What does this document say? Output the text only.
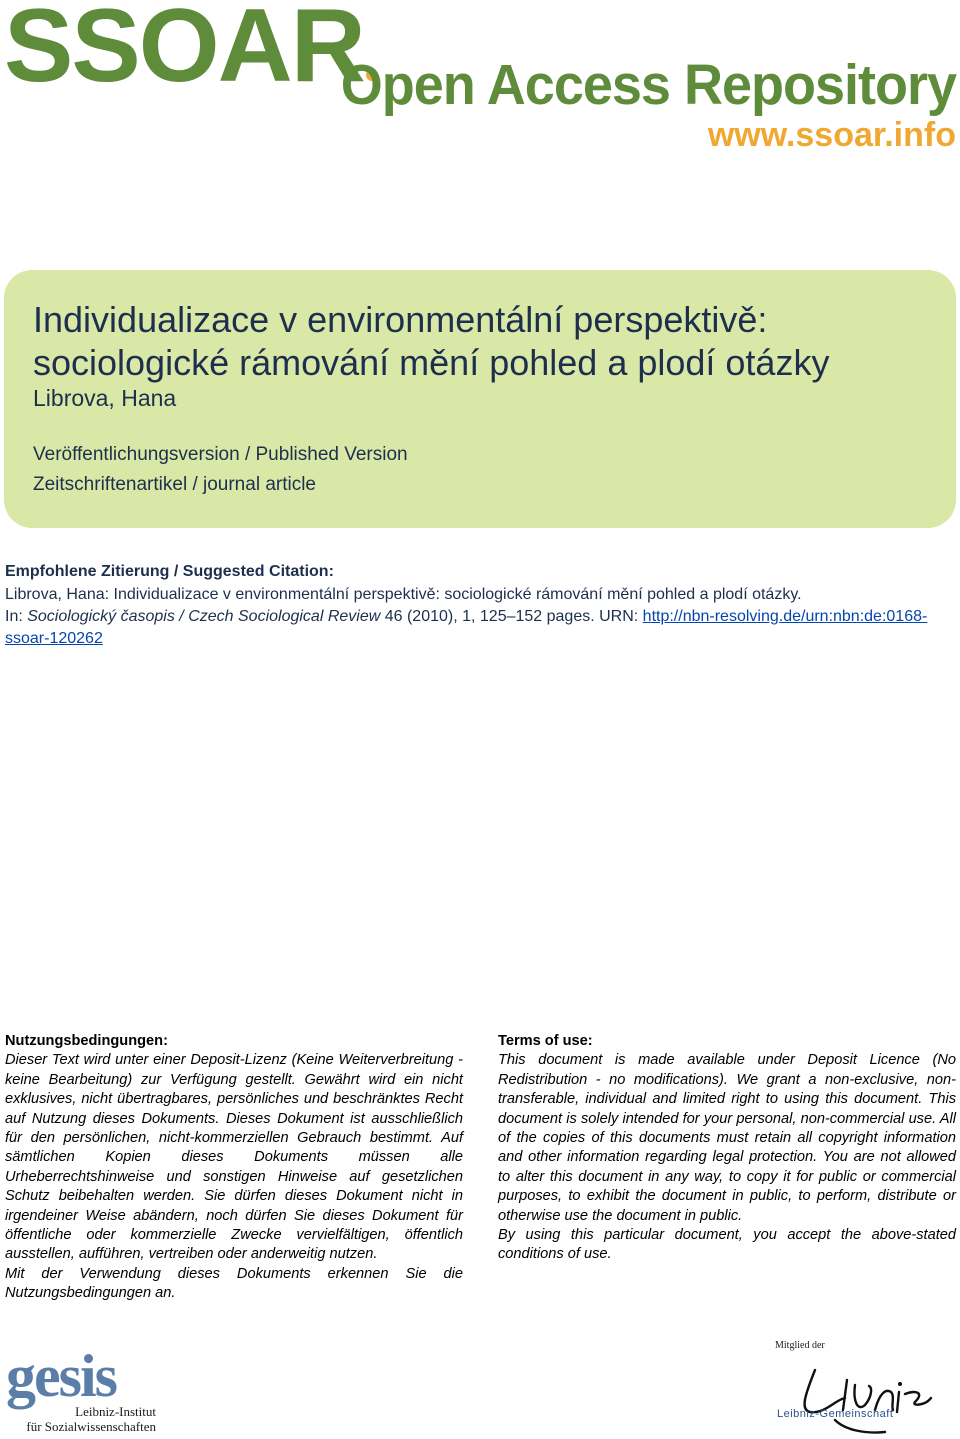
SSOAR
Open Access Repository
www.ssoar.info
Individualizace v environmentální perspektivě:
sociologické rámování mění pohled a plodí otázky
Librova, Hana
Veröffentlichungsversion / Published Version
Zeitschriftenartikel / journal article
Empfohlene Zitierung / Suggested Citation:
Librova, Hana: Individualizace v environmentální perspektivě: sociologické rámování mění pohled a plodí otázky.
In: Sociologický časopis / Czech Sociological Review 46 (2010), 1, 125–152 pages. URN: http://nbn-resolving.de/urn:nbn:de:0168-ssoar-120262
Nutzungsbedingungen:

Dieser Text wird unter einer Deposit-Lizenz (Keine Weiterverbreitung - keine Bearbeitung) zur Verfügung gestellt. Gewährt wird ein nicht exklusives, nicht übertragbares, persönliches und beschränktes Recht auf Nutzung dieses Dokuments. Dieses Dokument ist ausschließlich für den persönlichen, nicht-kommerziellen Gebrauch bestimmt. Auf sämtlichen Kopien dieses Dokuments müssen alle Urheberrechtshinweise und sonstigen Hinweise auf gesetzlichen Schutz beibehalten werden. Sie dürfen dieses Dokument nicht in irgendeiner Weise abändern, noch dürfen Sie dieses Dokument für öffentliche oder kommerzielle Zwecke vervielfältigen, öffentlich ausstellen, aufführen, vertreiben oder anderweitig nutzen.

Mit der Verwendung dieses Dokuments erkennen Sie die Nutzungsbedingungen an.

Terms of use:

This document is made available under Deposit Licence (No Redistribution - no modifications). We grant a non-exclusive, non-transferable, individual and limited right to using this document. This document is solely intended for your personal, non-commercial use. All of the copies of this documents must retain all copyright information and other information regarding legal protection. You are not allowed to alter this document in any way, to copy it for public or commercial purposes, to exhibit the document in public, to perform, distribute or otherwise use the document in public.

By using this particular document, you accept the above-stated conditions of use.

gesis
Leibniz-Institut
für Sozialwissenschaften
Mitglied der
Leibniz-Gemeinschaft
